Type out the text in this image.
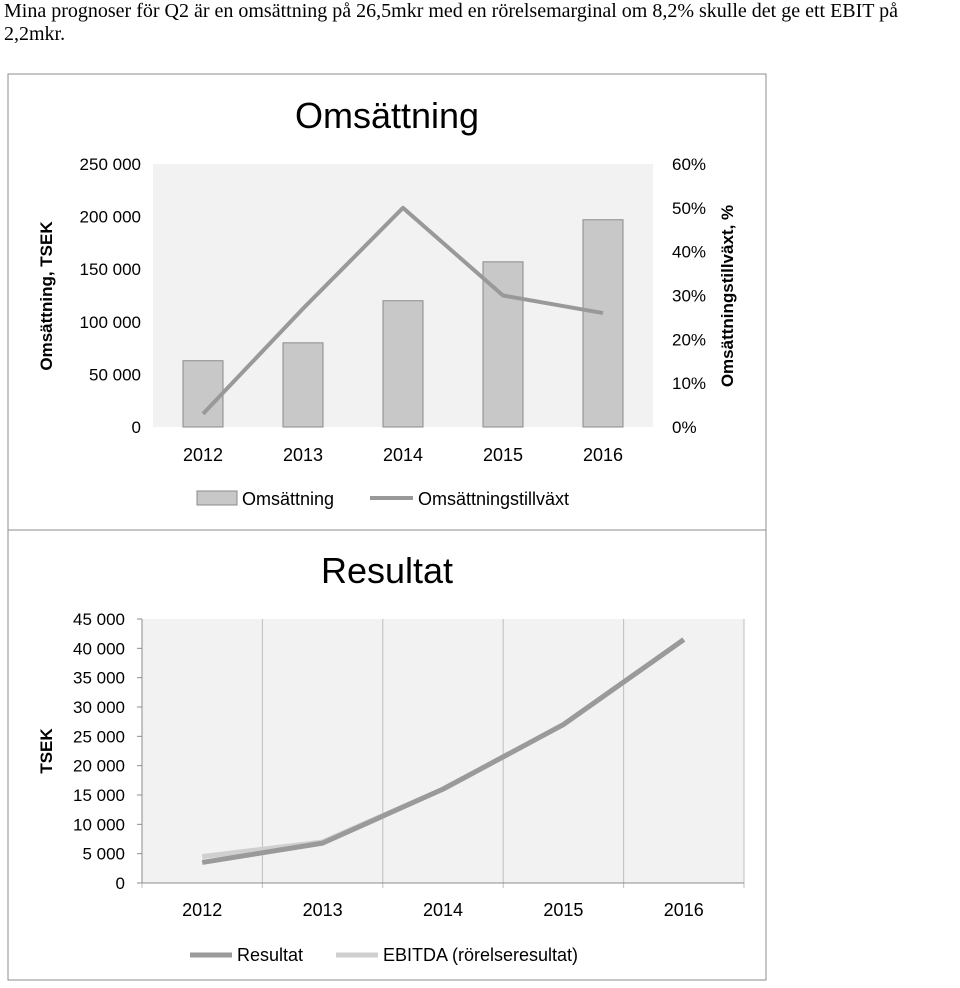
Mina prognoser för Q2 är en omsättning på 26,5mkr med en rörelsemarginal om 8,2% skulle det ge ett EBIT på 2,2mkr.
Omsättning
0
50 000
100 000
150 000
200 000
250 000
0%
10%
20%
30%
40%
50%
60%
2012	2013	2014	2015	2016
Omsättning, TSEK	Omsättningstillväxt, %
Omsättning	Omsättningstillväxt
Resultat
0
5 000
10 000
15 000
20 000
25 000
30 000
35 000
40 000
45 000
2012	2013	2014	2015	2016
TSEK
Resultat	EBITDA (rörelseresultat)
